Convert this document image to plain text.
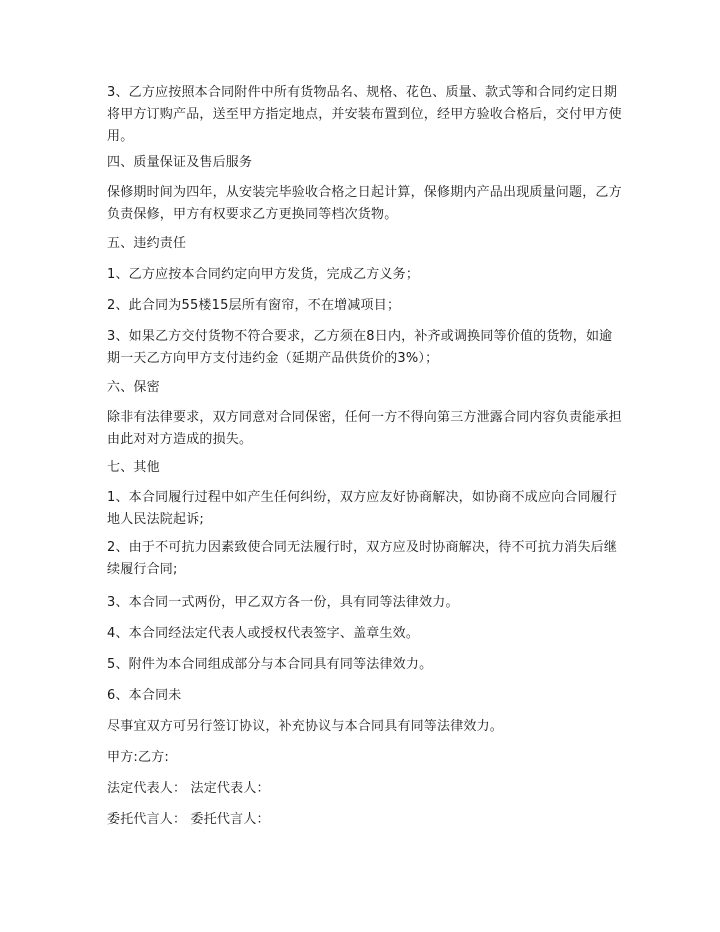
3、乙方应按照本合同附件中所有货物品名、规格、花色、质量、款式等和合同约定日期
将甲方订购产品，送至甲方指定地点，并安装布置到位，经甲方验收合格后，交付甲方使
用。
四、质量保证及售后服务
保修期时间为四年，从安装完毕验收合格之日起计算，保修期内产品出现质量问题，乙方
负责保修，甲方有权要求乙方更换同等档次货物。
五、违约责任
1、乙方应按本合同约定向甲方发货，完成乙方义务；
2、此合同为55楼15层所有窗帘，不在增减项目；
3、如果乙方交付货物不符合要求，乙方须在8日内，补齐或调换同等价值的货物，如逾
期一天乙方向甲方支付违约金（延期产品供货价的3%）；
六、保密
除非有法律要求，双方同意对合同保密，任何一方不得向第三方泄露合同内容负责能承担
由此对对方造成的损失。
七、其他
1、本合同履行过程中如产生任何纠纷，双方应友好协商解决，如协商不成应向合同履行
地人民法院起诉;
2、由于不可抗力因素致使合同无法履行时，双方应及时协商解决，待不可抗力消失后继
续履行合同;
3、本合同一式两份，甲乙双方各一份，具有同等法律效力。
4、本合同经法定代表人或授权代表签字、盖章生效。
5、附件为本合同组成部分与本合同具有同等法律效力。
6、本合同未
尽事宜双方可另行签订协议，补充协议与本合同具有同等法律效力。
甲方:乙方:
法定代表人： 法定代表人：
委托代言人： 委托代言人：
